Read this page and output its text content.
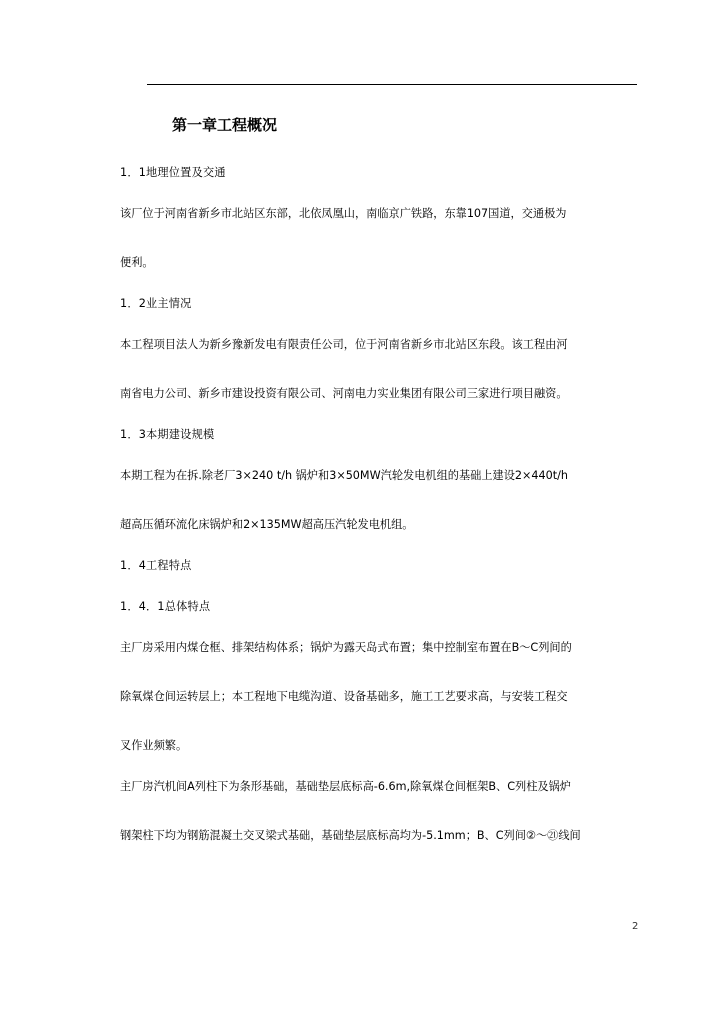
第一章工程概况
1．1地理位置及交通
该厂位于河南省新乡市北站区东部，北依凤凰山，南临京广铁路，东靠107国道，交通极为
便利。
1．2业主情况
本工程项目法人为新乡豫新发电有限责任公司，位于河南省新乡市北站区东段。该工程由河
南省电力公司、新乡市建设投资有限公司、河南电力实业集团有限公司三家进行项目融资。
1．3本期建设规模
本期工程为在拆.除老厂3×240 t/h 锅炉和3×50MW汽轮发电机组的基础上建设2×440t/h
超高压循环流化床锅炉和2×135MW超高压汽轮发电机组。
1．4工程特点
1．4．1总体特点
主厂房采用内煤仓框、排架结构体系；锅炉为露天岛式布置；集中控制室布置在B～C列间的
除氧煤仓间运转层上；本工程地下电缆沟道、设备基础多，施工工艺要求高，与安装工程交
叉作业频繁。
主厂房汽机间A列柱下为条形基础，基础垫层底标高-6.6m,除氧煤仓间框架B、C列柱及锅炉
钢架柱下均为钢筋混凝土交叉梁式基础，基础垫层底标高均为-5.1mm；B、C列间②～㉑线间
2
